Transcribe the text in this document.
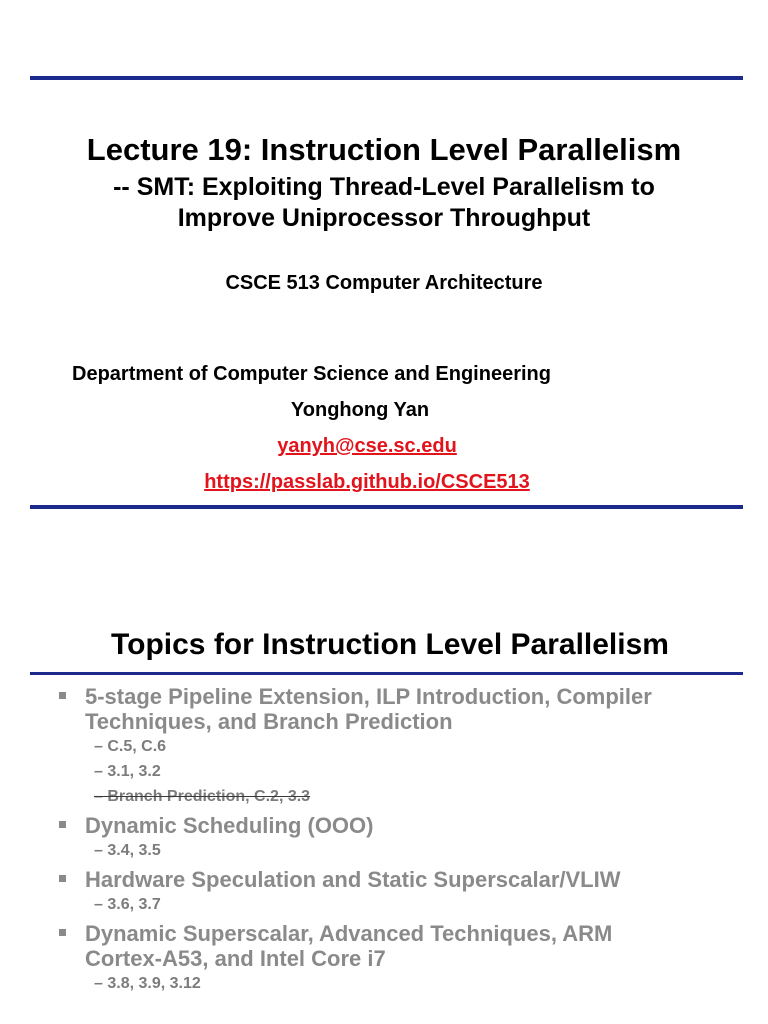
Lecture 19: Instruction Level Parallelism
-- SMT: Exploiting Thread-Level Parallelism to
Improve Uniprocessor Throughput
CSCE 513 Computer Architecture
Department of Computer Science and Engineering
Yonghong Yan
yanyh@cse.sc.edu
https://passlab.github.io/CSCE513
Topics for Instruction Level Parallelism
5-stage Pipeline Extension, ILP Introduction, Compiler
Techniques, and Branch Prediction
– C.5, C.6
– 3.1, 3.2
– Branch Prediction, C.2, 3.3
Dynamic Scheduling (OOO)
– 3.4, 3.5
Hardware Speculation and Static Superscalar/VLIW
– 3.6, 3.7
Dynamic Superscalar, Advanced Techniques, ARM
Cortex-A53, and Intel Core i7
– 3.8, 3.9, 3.12
